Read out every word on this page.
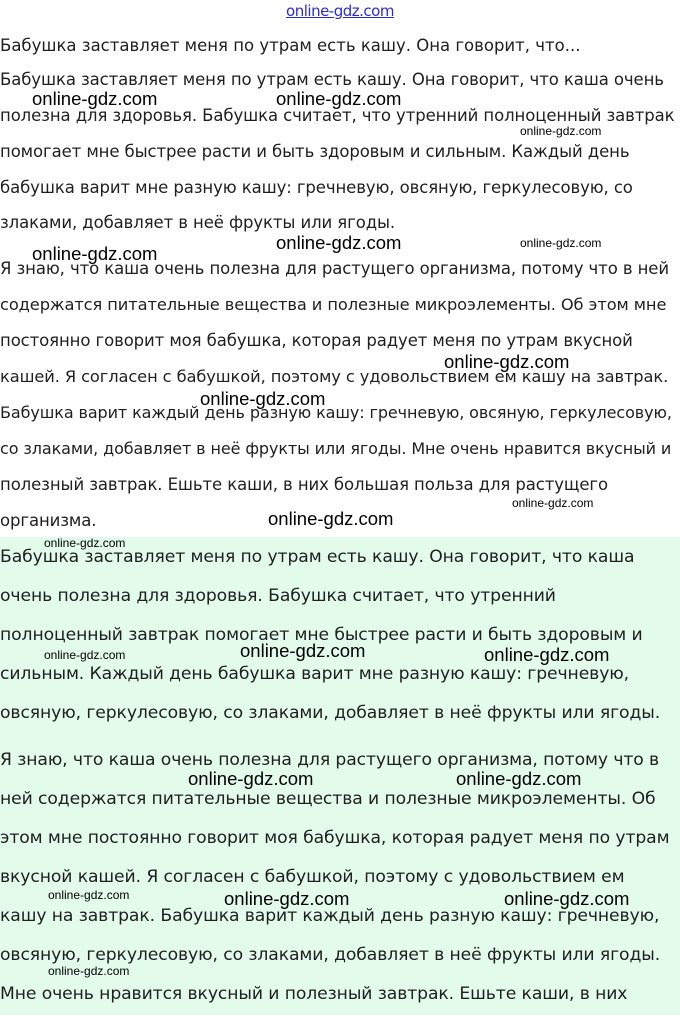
online-gdz.com
Бабушка заставляет меня по утрам есть кашу. Она говорит, что...
Бабушка заставляет меня по утрам есть кашу. Она говорит, что каша очень
полезна для здоровья. Бабушка считает, что утренний полноценный завтрак
помогает мне быстрее расти и быть здоровым и сильным. Каждый день
бабушка варит мне разную кашу: гречневую, овсяную, геркулесовую, со
злаками, добавляет в неё фрукты или ягоды.
Я знаю, что каша очень полезна для растущего организма, потому что в ней
содержатся питательные вещества и полезные микроэлементы. Об этом мне
постоянно говорит моя бабушка, которая радует меня по утрам вкусной
кашей. Я согласен с бабушкой, поэтому с удовольствием ем кашу на завтрак.
Бабушка варит каждый день разную кашу: гречневую, овсяную, геркулесовую,
со злаками, добавляет в неё фрукты или ягоды. Мне очень нравится вкусный и
полезный завтрак. Ешьте каши, в них большая польза для растущего
организма.
Бабушка заставляет меня по утрам есть кашу. Она говорит, что каша
очень полезна для здоровья. Бабушка считает, что утренний
полноценный завтрак помогает мне быстрее расти и быть здоровым и
сильным. Каждый день бабушка варит мне разную кашу: гречневую,
овсяную, геркулесовую, со злаками, добавляет в неё фрукты или ягоды.
Я знаю, что каша очень полезна для растущего организма, потому что в
ней содержатся питательные вещества и полезные микроэлементы. Об
этом мне постоянно говорит моя бабушка, которая радует меня по утрам
вкусной кашей. Я согласен с бабушкой, поэтому с удовольствием ем
кашу на завтрак. Бабушка варит каждый день разную кашу: гречневую,
овсяную, геркулесовую, со злаками, добавляет в неё фрукты или ягоды.
Мне очень нравится вкусный и полезный завтрак. Ешьте каши, в них
online-gdz.com	online-gdz.com
online-gdz.com
online-gdz.com
online-gdz.com	online-gdz.com
online-gdz.com
online-gdz.com
online-gdz.com
online-gdz.com
online-gdz.com
online-gdz.com
online-gdz.com	online-gdz.com
online-gdz.com	online-gdz.com
online-gdz.com	online-gdz.com	online-gdz.com
online-gdz.com
